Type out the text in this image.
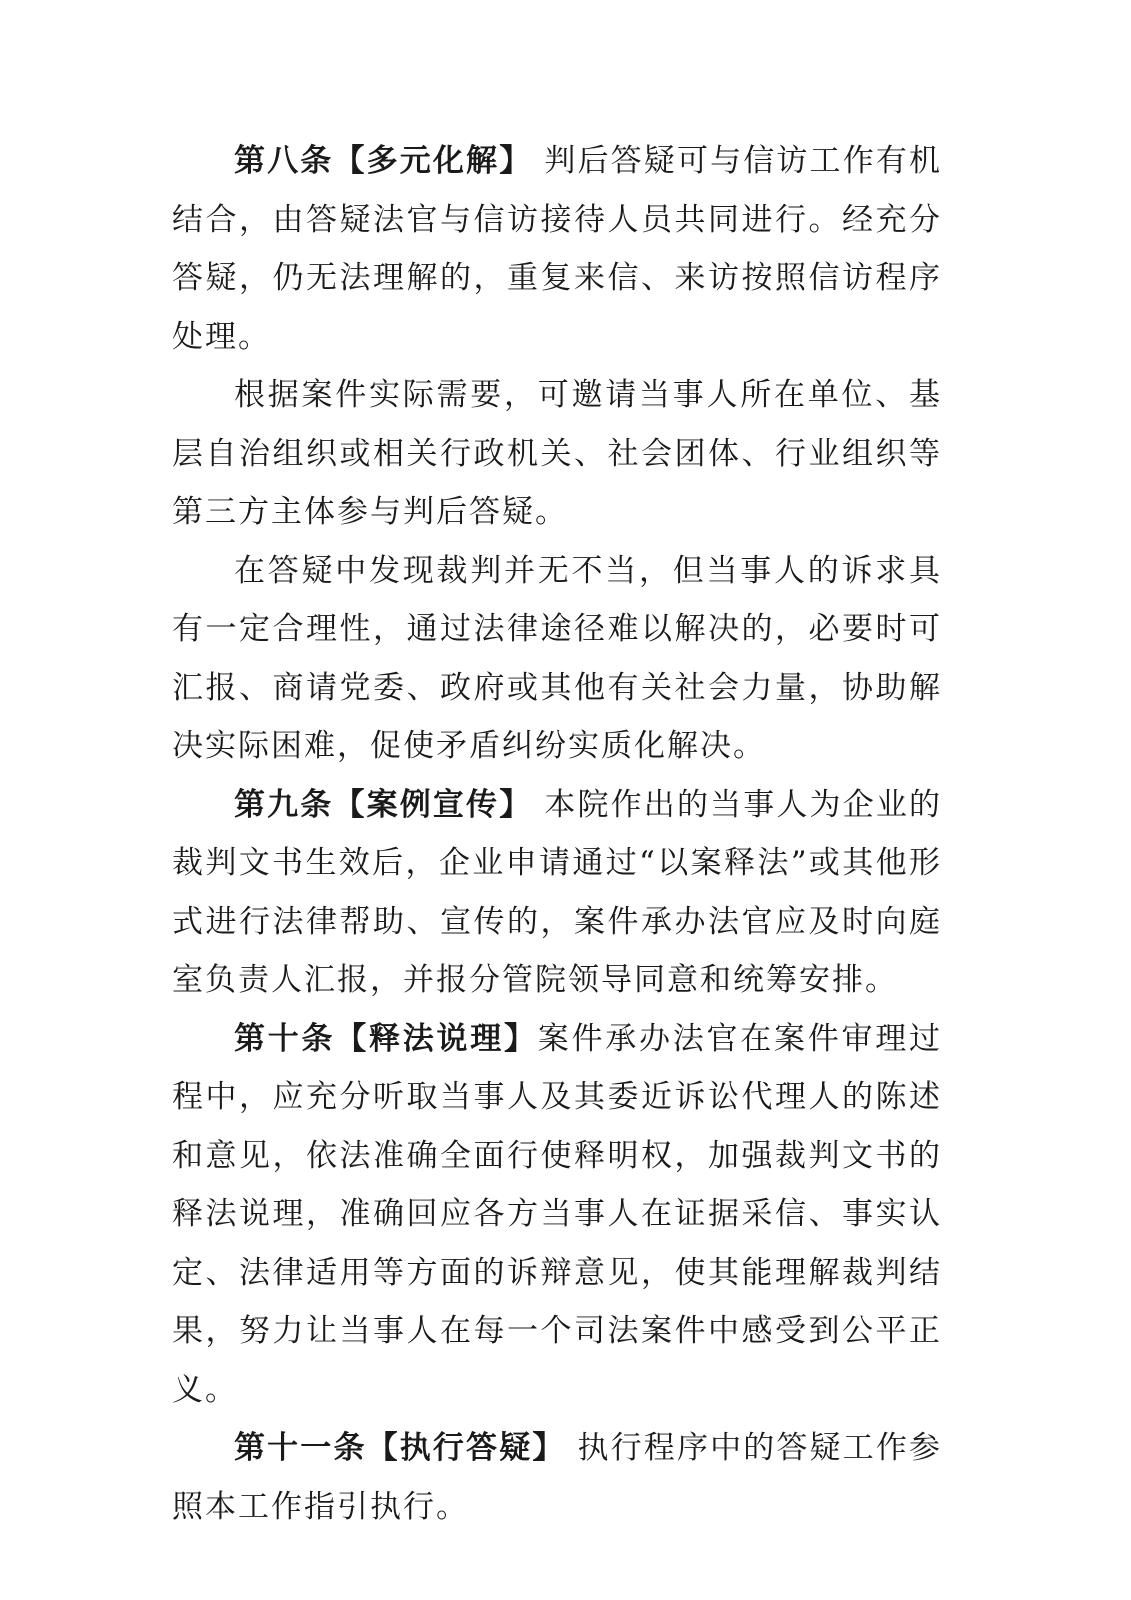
第八条【多元化解】 判后答疑可与信访工作有机结合，由答疑法官与信访接待人员共同进行。经充分答疑，仍无法理解的，重复来信、来访按照信访程序处理。

根据案件实际需要，可邀请当事人所在单位、基层自治组织或相关行政机关、社会团体、行业组织等第三方主体参与判后答疑。

在答疑中发现裁判并无不当，但当事人的诉求具有一定合理性，通过法律途径难以解决的，必要时可汇报、商请党委、政府或其他有关社会力量，协助解决实际困难，促使矛盾纠纷实质化解决。

第九条【案例宣传】 本院作出的当事人为企业的裁判文书生效后，企业申请通过“以案释法”或其他形式进行法律帮助、宣传的，案件承办法官应及时向庭室负责人汇报，并报分管院领导同意和统筹安排。

第十条【释法说理】案件承办法官在案件审理过程中，应充分听取当事人及其委近诉讼代理人的陈述和意见，依法准确全面行使释明权，加强裁判文书的释法说理，准确回应各方当事人在证据采信、事实认定、法律适用等方面的诉辩意见，使其能理解裁判结果，努力让当事人在每一个司法案件中感受到公平正义。

第十一条【执行答疑】 执行程序中的答疑工作参照本工作指引执行。
